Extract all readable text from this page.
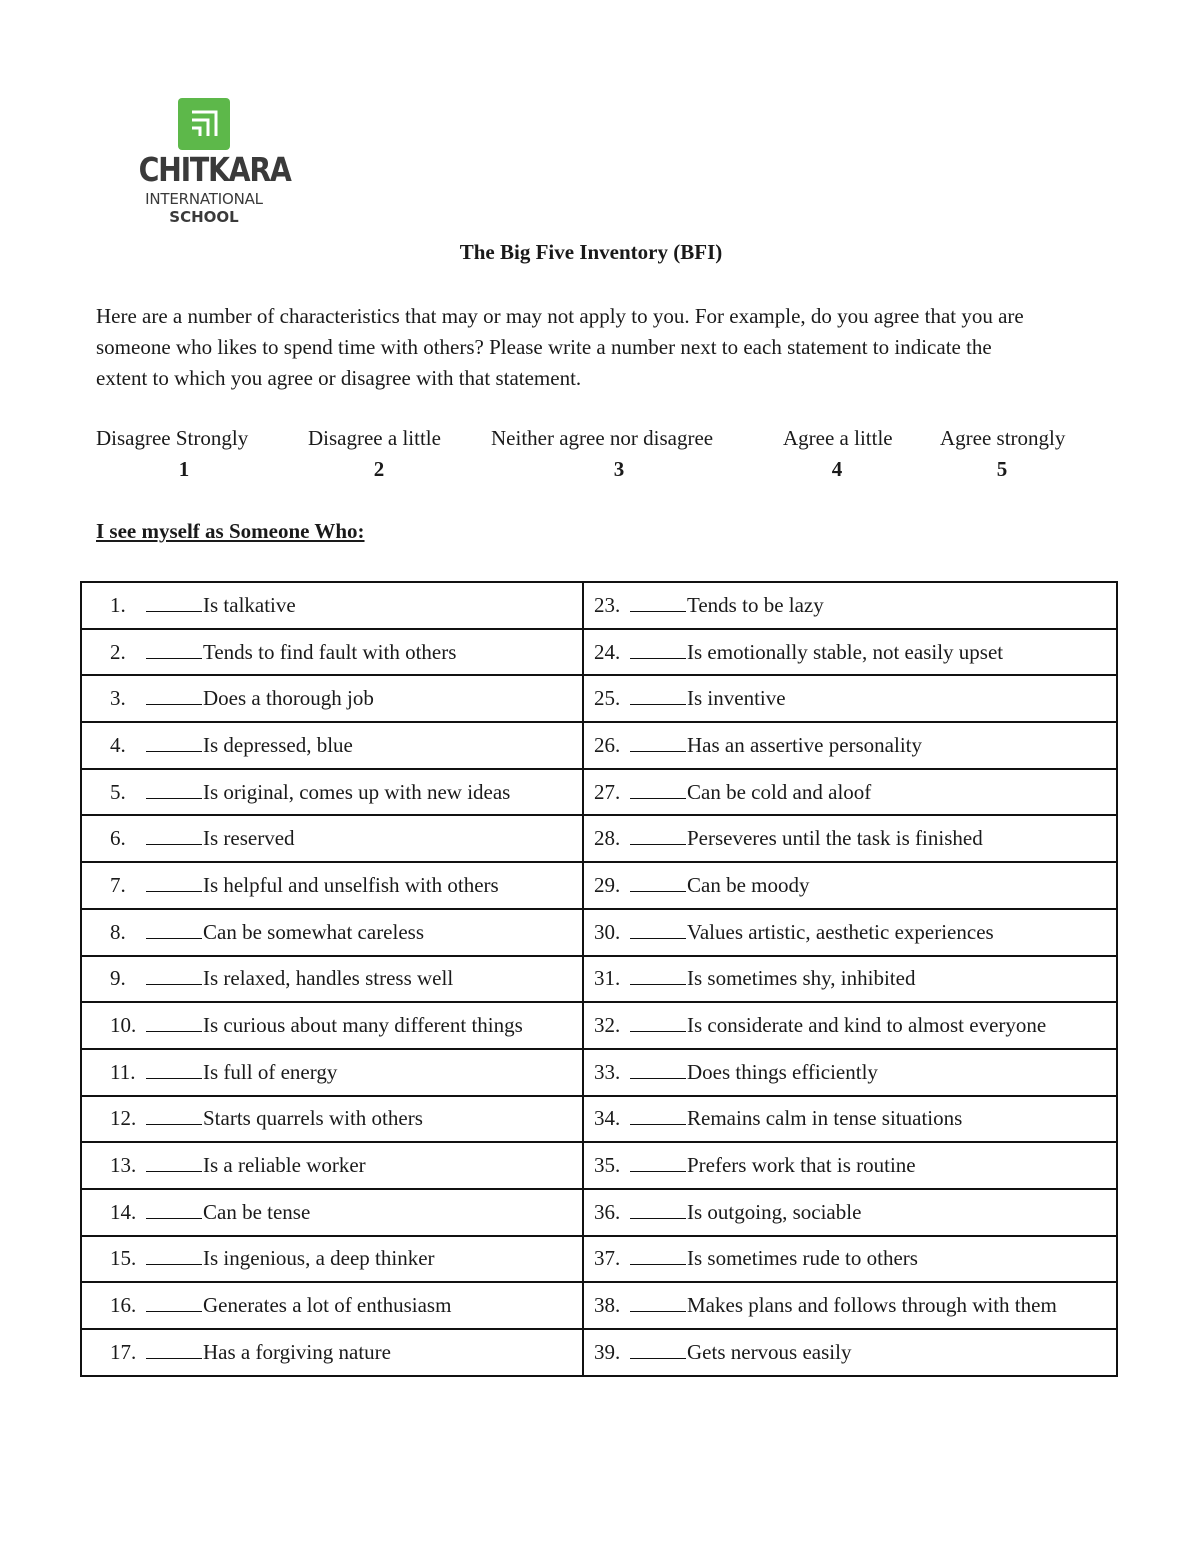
CHITKARA
INTERNATIONAL
SCHOOL
The Big Five Inventory (BFI)
Here are a number of characteristics that may or may not apply to you. For example, do you agree that you are someone who likes to spend time with others? Please write a number next to each statement to indicate the extent to which you agree or disagree with that statement.
Disagree Strongly	Disagree a little Neither agree nor disagree	Agree a little Agree strongly
1	2	3	4	5
I see myself as Someone Who:
1. Is talkative	23. Tends to be lazy
2. Tends to find fault with others	24. Is emotionally stable, not easily upset
3. Does a thorough job	25. Is inventive
4. Is depressed, blue	26. Has an assertive personality
5. Is original, comes up with new ideas	27. Can be cold and aloof
6. Is reserved	28. Perseveres until the task is finished
7. Is helpful and unselfish with others	29. Can be moody
8. Can be somewhat careless	30. Values artistic, aesthetic experiences
9. Is relaxed, handles stress well	31. Is sometimes shy, inhibited
10. Is curious about many different things	32. Is considerate and kind to almost everyone
11. Is full of energy	33. Does things efficiently
12. Starts quarrels with others	34. Remains calm in tense situations
13. Is a reliable worker	35. Prefers work that is routine
14. Can be tense	36. Is outgoing, sociable
15. Is ingenious, a deep thinker	37. Is sometimes rude to others
16. Generates a lot of enthusiasm	38. Makes plans and follows through with them
17. Has a forgiving nature	39. Gets nervous easily
